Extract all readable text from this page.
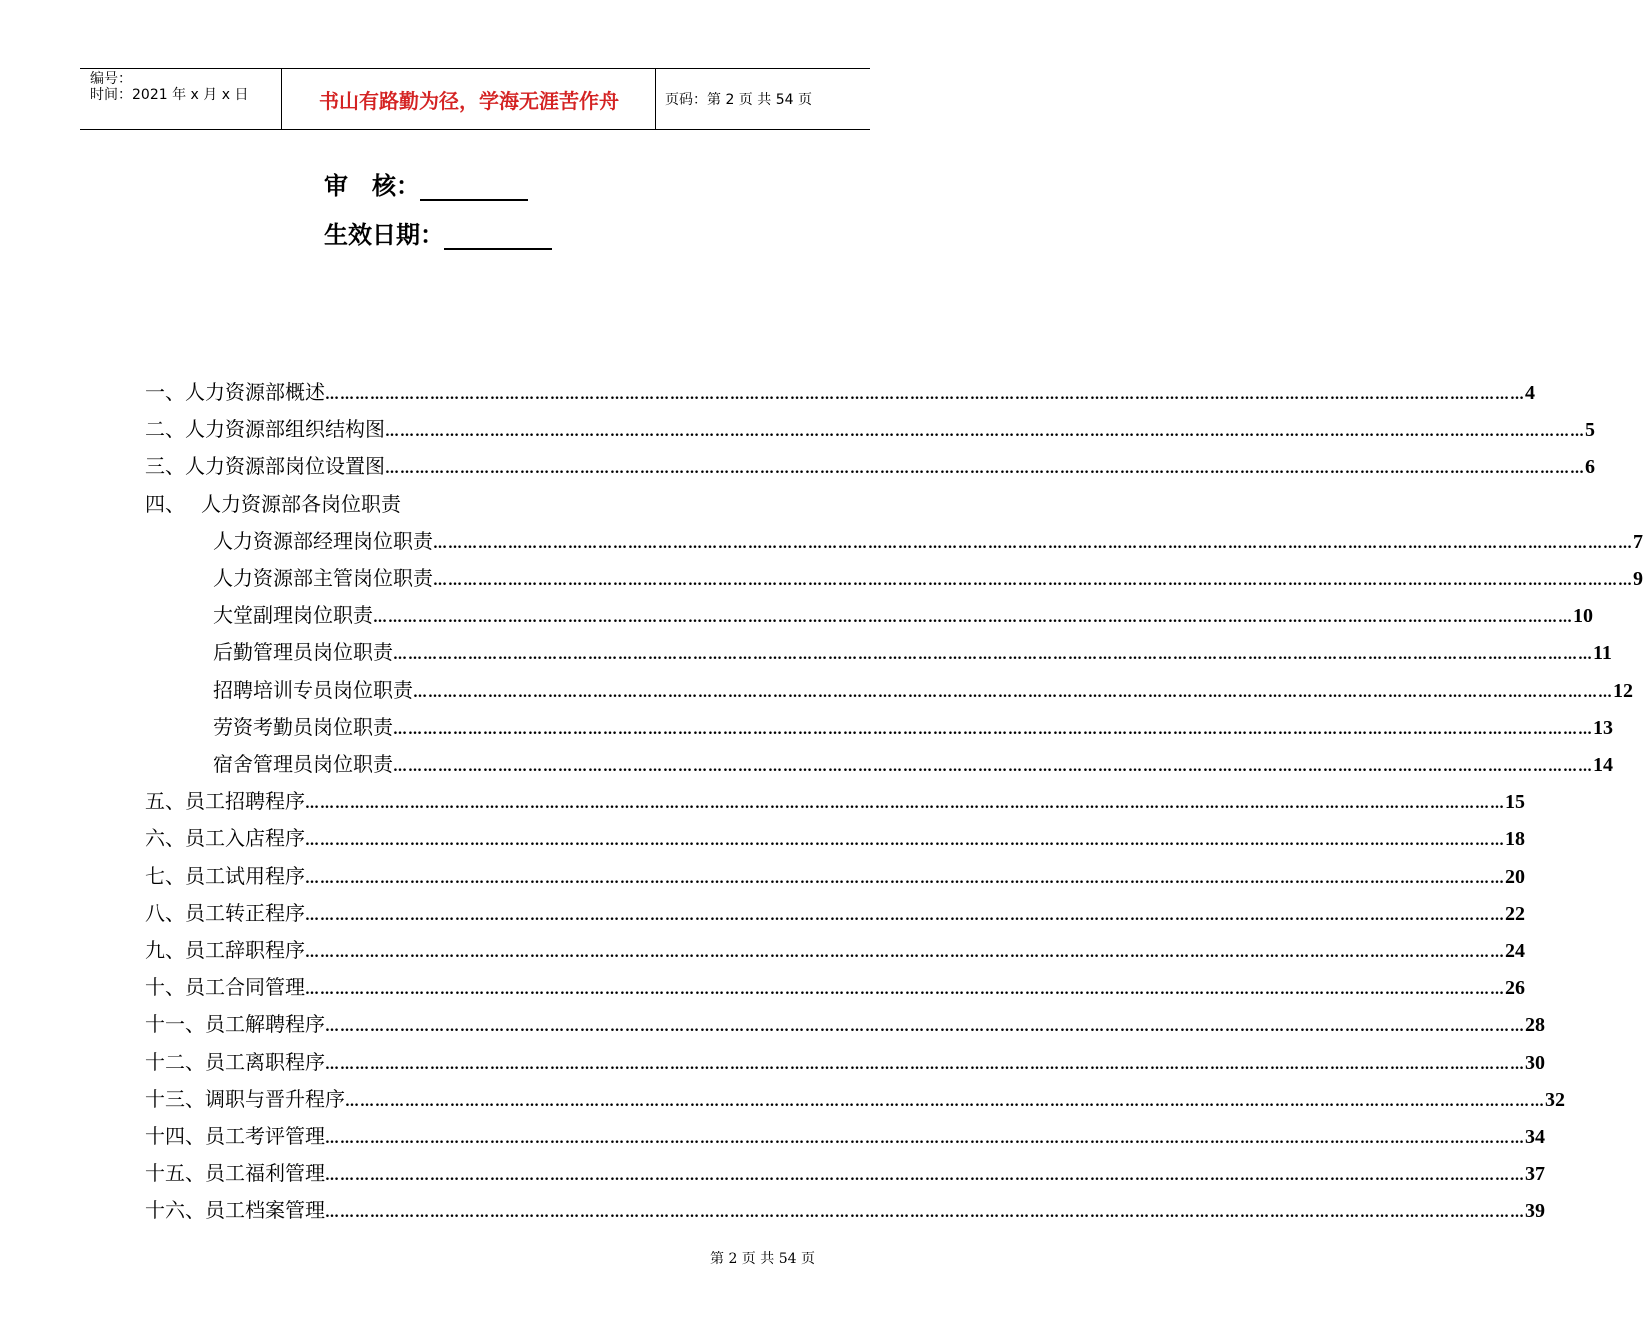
编号：
时间：2021 年 x 月 x 日	书山有路勤为径，学海无涯苦作舟	页码：第 2 页 共 54 页
审　核：
生效日期：
一、 人力资源部概述 …………………………………………………………………………………………………………………………………………………………………………………………………………………… 4
二、 人力资源部组织结构图 …………………………………………………………………………………………………………………………………………………………………………………………………………………… 5
三、 人力资源部岗位设置图 …………………………………………………………………………………………………………………………………………………………………………………………………………………… 6
四、 人力资源部各岗位职责
人力资源部经理岗位职责 …………………………………………………………………………………………………………………………………………………………………………………………………………………… 7
人力资源部主管岗位职责 …………………………………………………………………………………………………………………………………………………………………………………………………………………… 9
大堂副理岗位职责 …………………………………………………………………………………………………………………………………………………………………………………………………………………… 10
后勤管理员岗位职责 …………………………………………………………………………………………………………………………………………………………………………………………………………………… 11
招聘培训专员岗位职责 …………………………………………………………………………………………………………………………………………………………………………………………………………………… 12
劳资考勤员岗位职责 …………………………………………………………………………………………………………………………………………………………………………………………………………………… 13
宿舍管理员岗位职责 …………………………………………………………………………………………………………………………………………………………………………………………………………………… 14
五、 员工招聘程序 …………………………………………………………………………………………………………………………………………………………………………………………………………………… 15
六、 员工入店程序 …………………………………………………………………………………………………………………………………………………………………………………………………………………… 18
七、 员工试用程序 …………………………………………………………………………………………………………………………………………………………………………………………………………………… 20
八、 员工转正程序 …………………………………………………………………………………………………………………………………………………………………………………………………………………… 22
九、 员工辞职程序 …………………………………………………………………………………………………………………………………………………………………………………………………………………… 24
十、 员工合同管理 …………………………………………………………………………………………………………………………………………………………………………………………………………………… 26
十一、 员工解聘程序 …………………………………………………………………………………………………………………………………………………………………………………………………………………… 28
十二、 员工离职程序 …………………………………………………………………………………………………………………………………………………………………………………………………………………… 30
十三、 调职与晋升程序 …………………………………………………………………………………………………………………………………………………………………………………………………………………… 32
十四、 员工考评管理 …………………………………………………………………………………………………………………………………………………………………………………………………………………… 34
十五、 员工福利管理 …………………………………………………………………………………………………………………………………………………………………………………………………………………… 37
十六、 员工档案管理 …………………………………………………………………………………………………………………………………………………………………………………………………………………… 39
第 2 页 共 54 页
